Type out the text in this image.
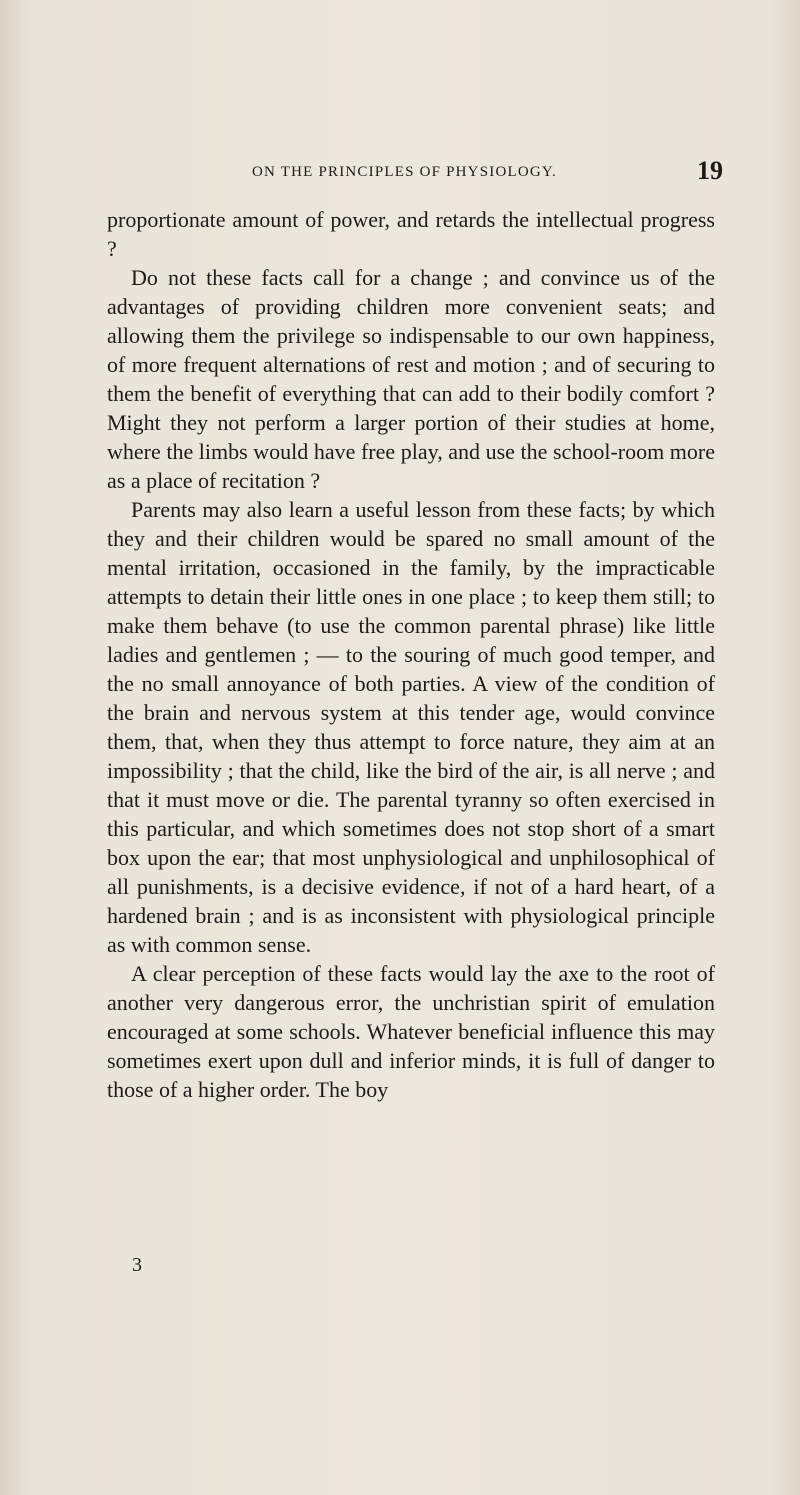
ON THE PRINCIPLES OF PHYSIOLOGY.	19

proportionate amount of power, and retards the intellectual progress ?

Do not these facts call for a change ; and convince us of the advantages of providing children more convenient seats; and allowing them the privilege so indispensable to our own happiness, of more frequent alternations of rest and motion ; and of securing to them the benefit of everything that can add to their bodily comfort ? Might they not perform a larger portion of their studies at home, where the limbs would have free play, and use the school-room more as a place of recitation ?

Parents may also learn a useful lesson from these facts; by which they and their children would be spared no small amount of the mental irritation, occasioned in the family, by the impracticable attempts to detain their little ones in one place ; to keep them still; to make them behave (to use the common parental phrase) like little ladies and gentlemen ; — to the souring of much good temper, and the no small annoyance of both parties. A view of the condition of the brain and nervous system at this tender age, would convince them, that, when they thus attempt to force nature, they aim at an impossibility ; that the child, like the bird of the air, is all nerve ; and that it must move or die. The parental tyranny so often exercised in this particular, and which sometimes does not stop short of a smart box upon the ear; that most unphysiological and unphilosophical of all punishments, is a decisive evidence, if not of a hard heart, of a hardened brain ; and is as inconsistent with physiological principle as with common sense.

A clear perception of these facts would lay the axe to the root of another very dangerous error, the unchristian spirit of emulation encouraged at some schools. Whatever beneficial influence this may sometimes exert upon dull and inferior minds, it is full of danger to those of a higher order. The boy

3
